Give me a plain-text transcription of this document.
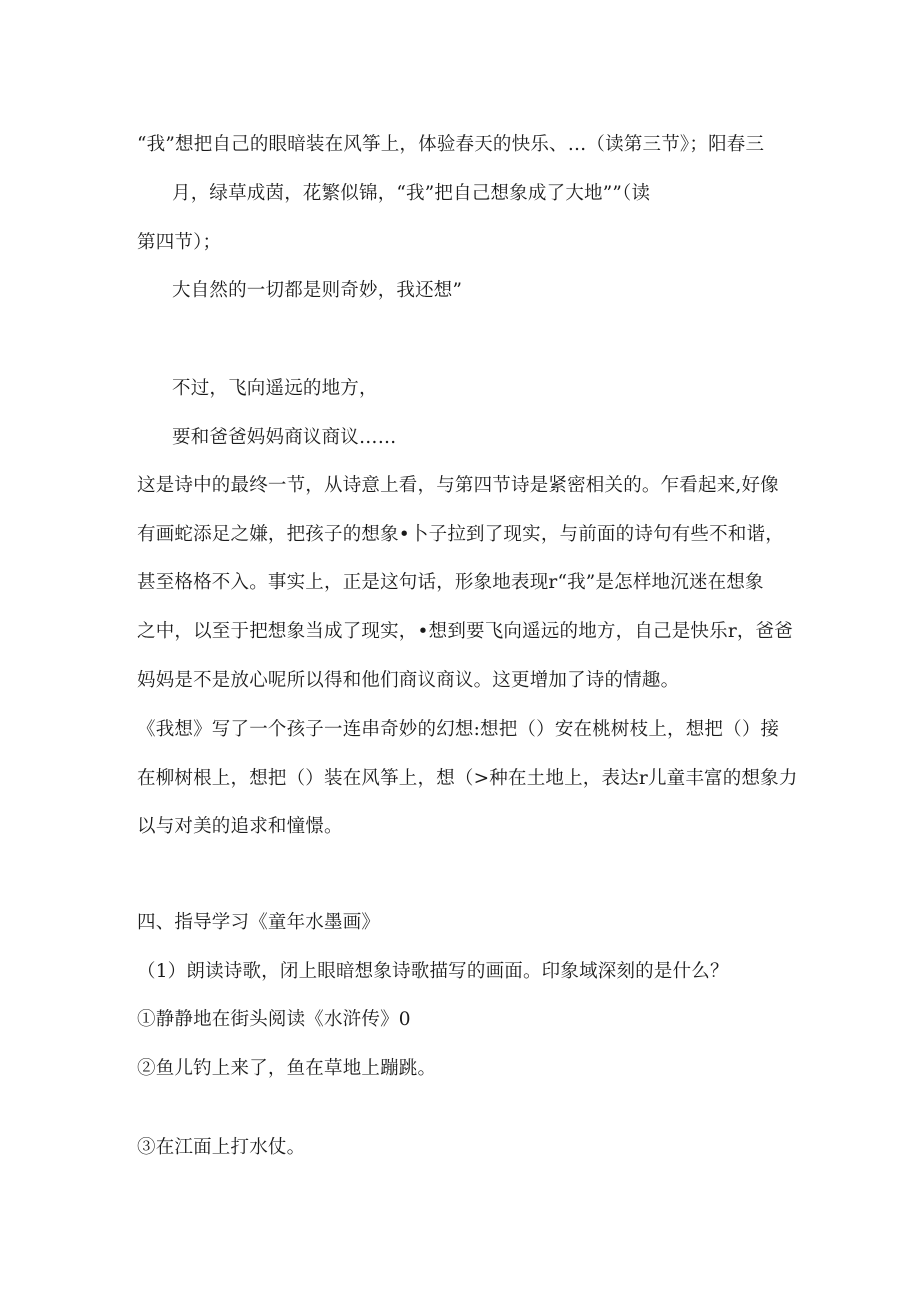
“我”想把自己的眼暗装在风筝上，体验春天的快乐、…（读第三节》；阳春三
月，绿草成茵，花繁似锦，“我”把自己想象成了大地””（读
第四节）；
大自然的一切都是则奇妙，我还想”
不过，飞向遥远的地方，
要和爸爸妈妈商议商议……
这是诗中的最终一节，从诗意上看，与第四节诗是紧密相关的。乍看起来,好像
有画蛇添足之嫌，把孩子的想象•卜子拉到了现实，与前面的诗句有些不和谐，
甚至格格不入。事实上，正是这句话，形象地表现r“我”是怎样地沉迷在想象
之中，以至于把想象当成了现实，•想到要飞向遥远的地方，自己是快乐r，爸爸
妈妈是不是放心呢所以得和他们商议商议。这更增加了诗的情趣。
《我想》写了一个孩子一连串奇妙的幻想:想把（）安在桃树枝上，想把（）接
在柳树根上，想把（）装在风筝上，想（>种在土地上，表达r儿童丰富的想象力
以与对美的追求和憧憬。
四、指导学习《童年水墨画》
（1）朗读诗歌，闭上眼暗想象诗歌描写的画面。印象域深刻的是什么？
①静静地在街头阅读《水浒传》0
②鱼儿钓上来了，鱼在草地上蹦跳。
③在江面上打水仗。
